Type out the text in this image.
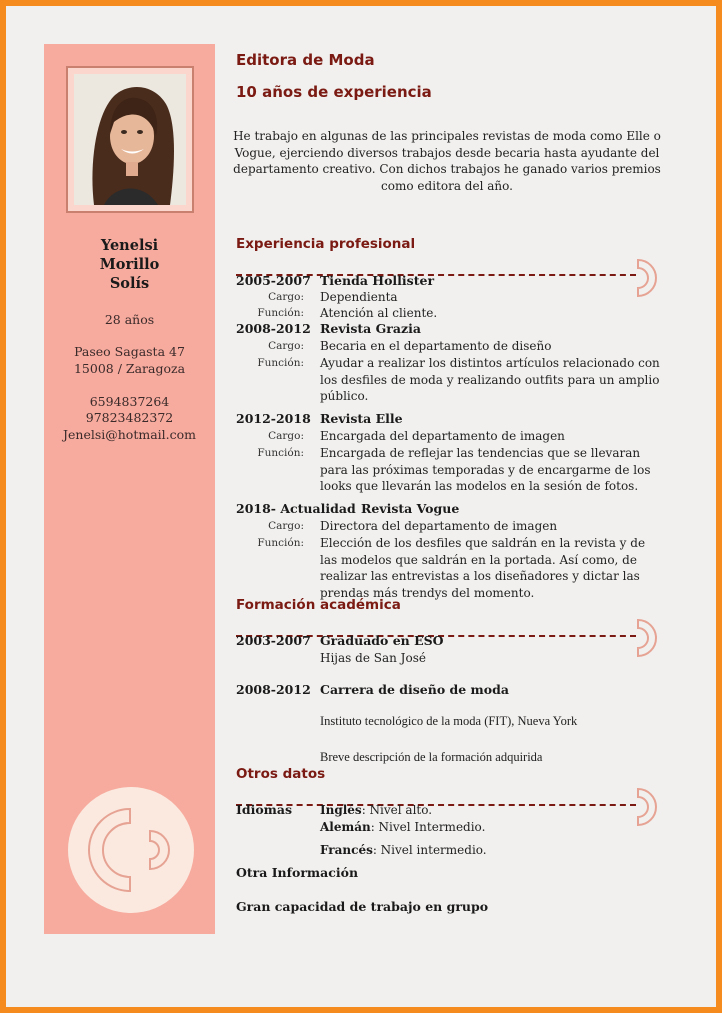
Yenelsi
Morillo
Solís
28 años
Paseo Sagasta 47
15008 / Zaragoza
6594837264
97823482372
Jenelsi@hotmail.com
Editora de Moda
10 años de experiencia
He trabajo en algunas de las principales revistas de moda como Elle o Vogue, ejerciendo diversos trabajos desde becaria hasta ayudante del departamento creativo. Con dichos trabajos he ganado varios premios como editora del año.
Experiencia profesional
2005-2007 Tienda Hollister
Cargo: Dependienta
Función: Atención al cliente.
2008-2012 Revista Grazia
Cargo: Becaria en el departamento de diseño
Función: Ayudar a realizar los distintos artículos relacionado con los desfiles de moda y realizando outfits para un amplio público.
2012-2018 Revista Elle
Cargo: Encargada del departamento de imagen
Función: Encargada de reflejar las tendencias que se llevaran para las próximas temporadas y de encargarme de los looks que llevarán las modelos en la sesión de fotos.
2018- Actualidad Revista Vogue
Cargo: Directora del departamento de imagen
Función: Elección de los desfiles que saldrán en la revista y de las modelos que saldrán en la portada. Así como, de realizar las entrevistas a los diseñadores y dictar las prendas más trendys del momento.
Formación académica
2003-2007 Graduado en ESO
Hijas de San José
2008-2012 Carrera de diseño de moda
Instituto tecnológico de la moda (FIT), Nueva York
Breve descripción de la formación adquirida
Otros datos
Idiomas Inglés: Nivel alto.
Alemán: Nivel Intermedio.
Francés: Nivel intermedio.
Otra Información
Gran capacidad de trabajo en grupo
